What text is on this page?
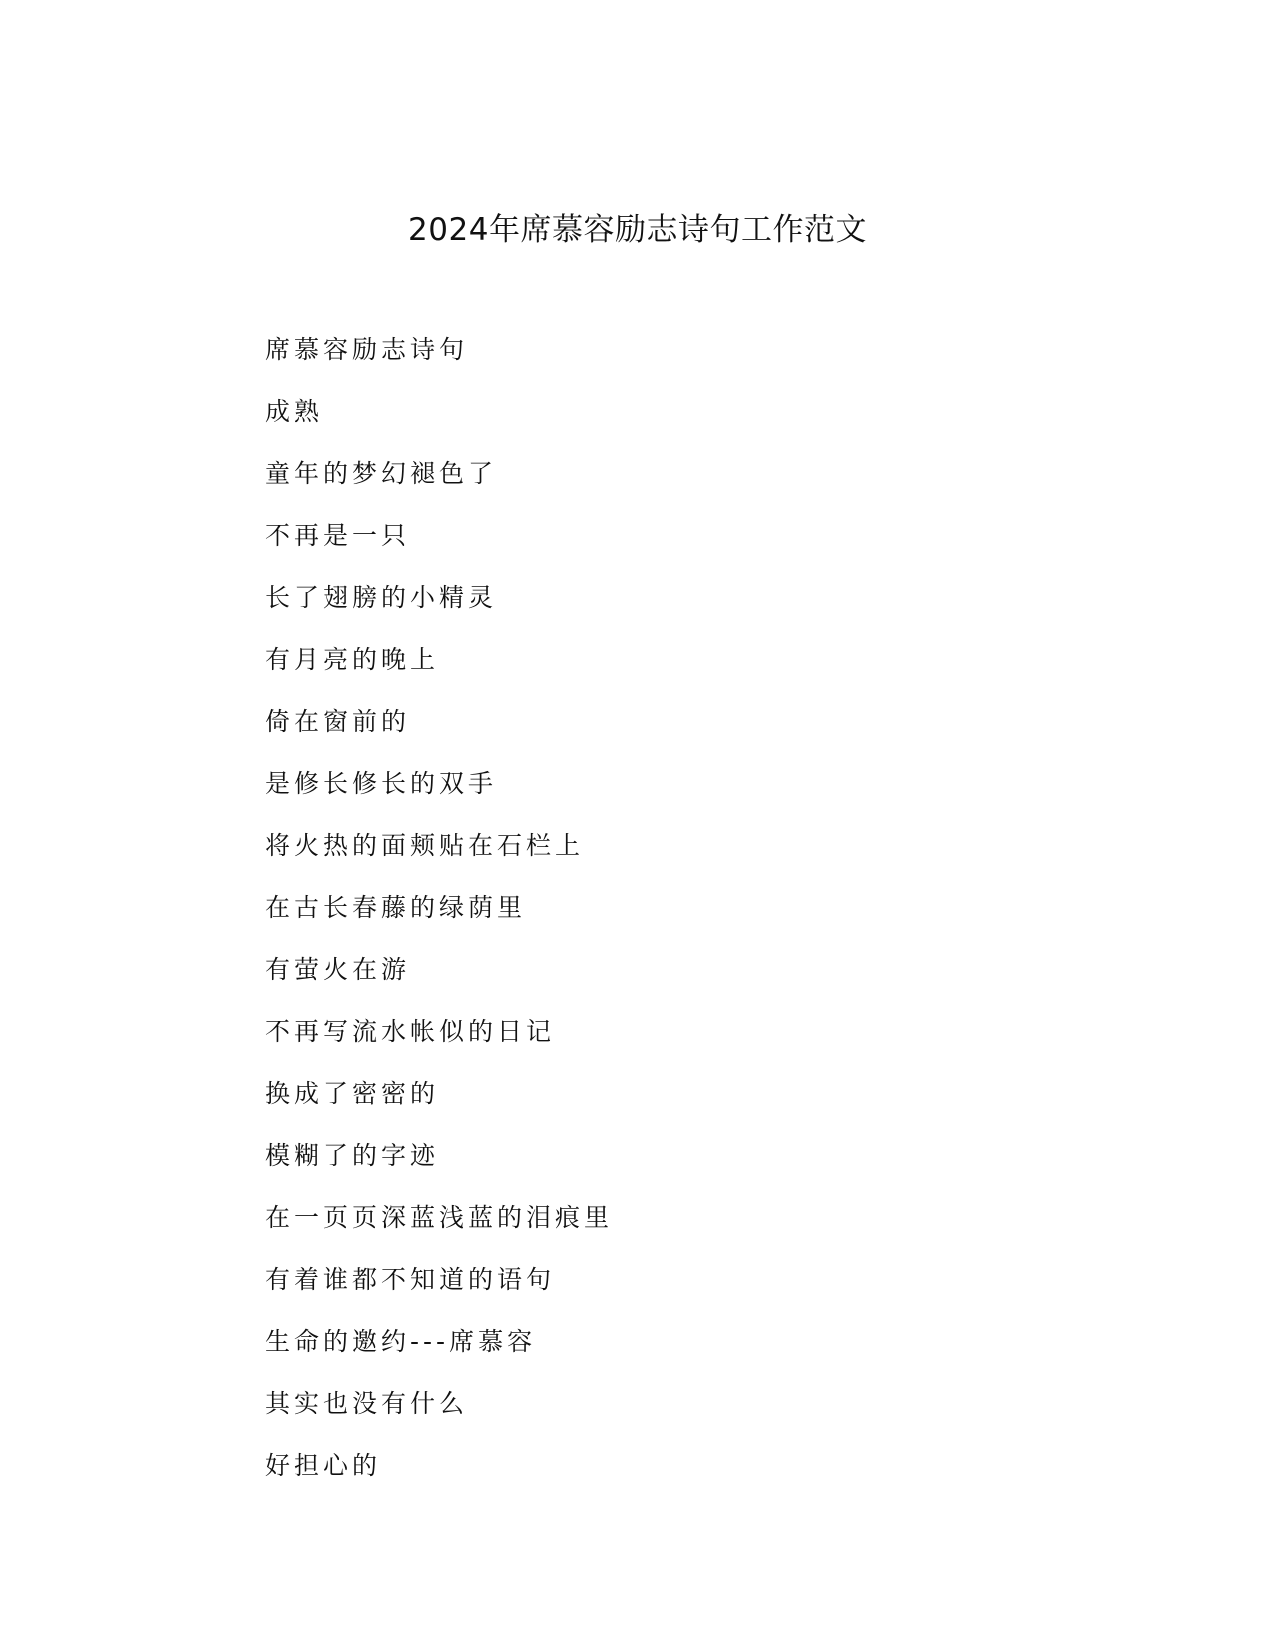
2024年席慕容励志诗句工作范文
席慕容励志诗句
成熟
童年的梦幻褪色了
不再是一只
长了翅膀的小精灵
有月亮的晚上
倚在窗前的
是修长修长的双手
将火热的面颊贴在石栏上
在古长春藤的绿荫里
有萤火在游
不再写流水帐似的日记
换成了密密的
模糊了的字迹
在一页页深蓝浅蓝的泪痕里
有着谁都不知道的语句
生命的邀约---席慕容
其实也没有什么
好担心的
